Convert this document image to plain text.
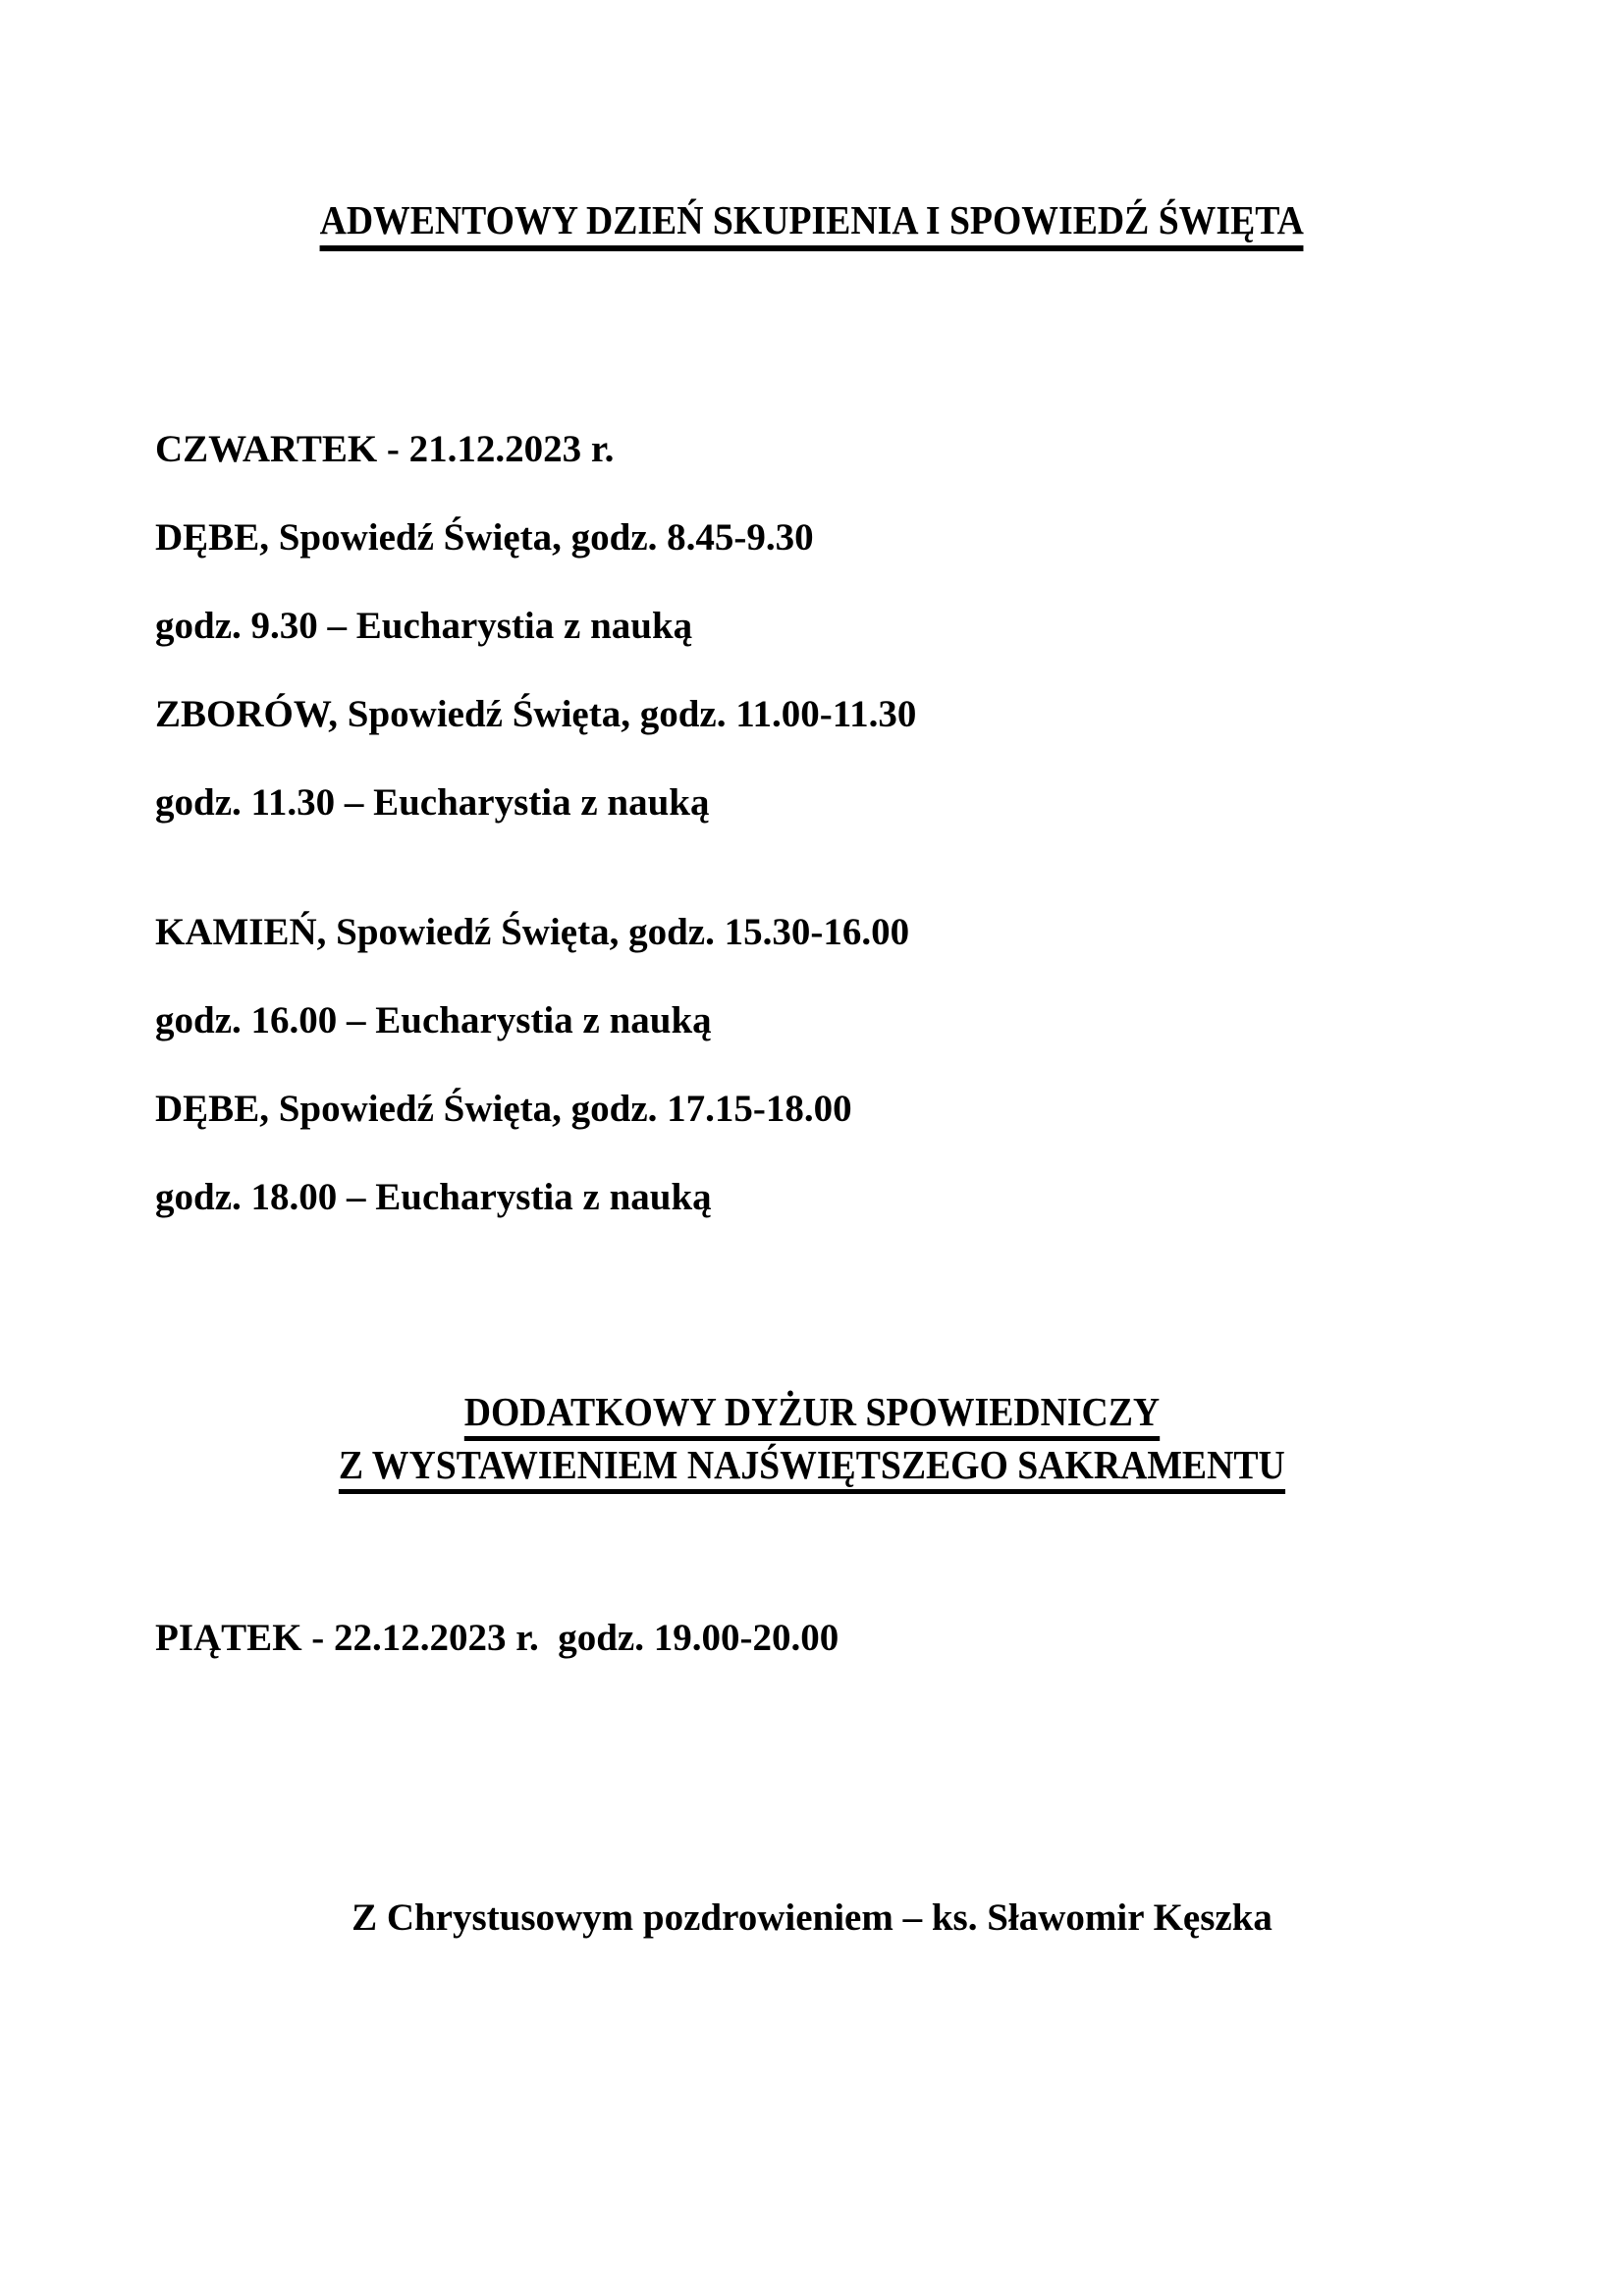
ADWENTOWY DZIEŃ SKUPIENIA I SPOWIEDŹ ŚWIĘTA

CZWARTEK - 21.12.2023 r.

DĘBE, Spowiedź Święta, godz. 8.45-9.30

godz. 9.30 – Eucharystia z nauką

ZBORÓW, Spowiedź Święta, godz. 11.00-11.30

godz. 11.30 – Eucharystia z nauką

KAMIEŃ, Spowiedź Święta, godz. 15.30-16.00

godz. 16.00 – Eucharystia z nauką

DĘBE, Spowiedź Święta, godz. 17.15-18.00

godz. 18.00 – Eucharystia z nauką

DODATKOWY DYŻUR SPOWIEDNICZY
Z WYSTAWIENIEM NAJŚWIĘTSZEGO SAKRAMENTU

PIĄTEK - 22.12.2023 r.  godz. 19.00-20.00

Z Chrystusowym pozdrowieniem – ks. Sławomir Kęszka
